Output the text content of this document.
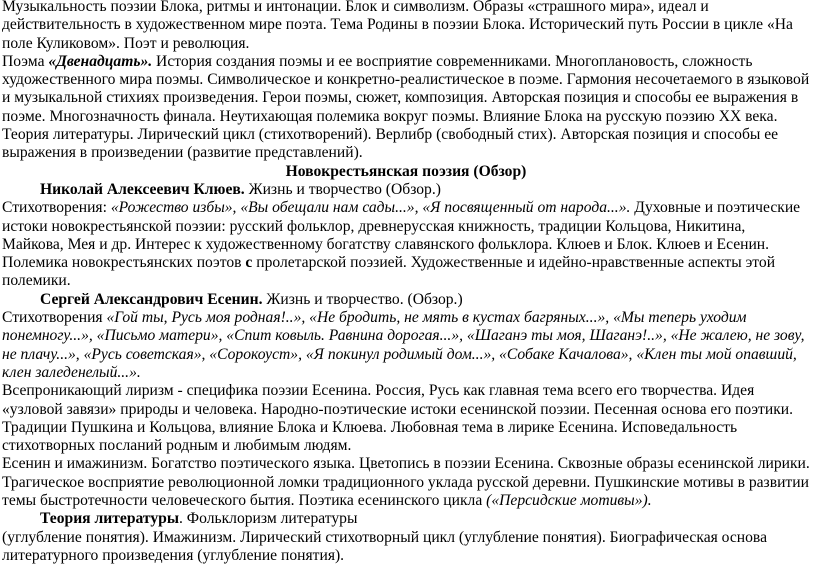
Музыкальность поэзии Блока, ритмы и интонации. Блок и символизм. Образы «страшного мира», идеал и действительность в художественном мире поэта. Тема Родины в поэзии Блока. Исторический путь России в цикле «На поле Куликовом». Поэт и революция.

Поэма «Двенадцать». История создания поэмы и ее восприятие современниками. Многоплановость, сложность художественного мира поэмы. Символическое и конкретно-реалистическое в поэме. Гармония несочетаемого в языковой и музыкальной стихиях произведения. Герои поэмы, сюжет, композиция. Авторская позиция и способы ее выражения в поэме. Многозначность финала. Неутихающая полемика вокруг поэмы. Влияние Блока на русскую поэзию XX века.

Теория литературы. Лирический цикл (стихотворений). Верлибр (свободный стих). Авторская позиция и способы ее выражения в произведении (развитие представлений).

Новокрестьянская поэзия (Обзор)

Николай Алексеевич Клюев. Жизнь и творчество (Обзор.)

Стихотворения: «Рожество избы», «Вы обещали нам сады...», «Я посвященный от народа...». Духовные и поэтические истоки новокрестьянской поэзии: русский фольклор, древнерусская книжность, традиции Кольцова, Никитина, Майкова, Мея и др. Интерес к художественному богатству славянского фольклора. Клюев и Блок. Клюев и Есенин. Полемика новокрестьянских поэтов с пролетарской поэзией. Художественные и идейно-нравственные аспекты этой полемики.

Сергей Александрович Есенин. Жизнь и творчество. (Обзор.)

Стихотворения «Гой ты, Русь моя родная!..», «Не бродить, не мять в кустах багряных...», «Мы теперь уходим понемногу...», «Письмо матери», «Спит ковыль. Равнина дорогая...», «Шаганэ ты моя, Шаганэ!..», «Не жалею, не зову, не плачу...», «Русь советская», «Сорокоуст», «Я покинул родимый дом...», «Собаке Качалова», «Клен ты мой опавший, клен заледенелый...».

Всепроникающий лиризм - специфика поэзии Есенина. Россия, Русь как главная тема всего его творчества. Идея «узловой завязи» природы и человека. Народно-поэтические истоки есенинской поэзии. Песенная основа его поэтики. Традиции Пушкина и Кольцова, влияние Блока и Клюева. Любовная тема в лирике Есенина. Исповедальность стихотворных посланий родным и любимым людям.

Есенин и имажинизм. Богатство поэтического языка. Цветопись в поэзии Есенина. Сквозные образы есенинской лирики. Трагическое восприятие революционной ломки традиционного уклада русской деревни. Пушкинские мотивы в развитии темы быстротечности человеческого бытия. Поэтика есенинского цикла («Персидские мотивы»).

Теория литературы. Фольклоризм литературы

(углубление понятия). Имажинизм. Лирический стихотворный цикл (углубление понятия). Биографическая основа литературного произведения (углубление понятия).
